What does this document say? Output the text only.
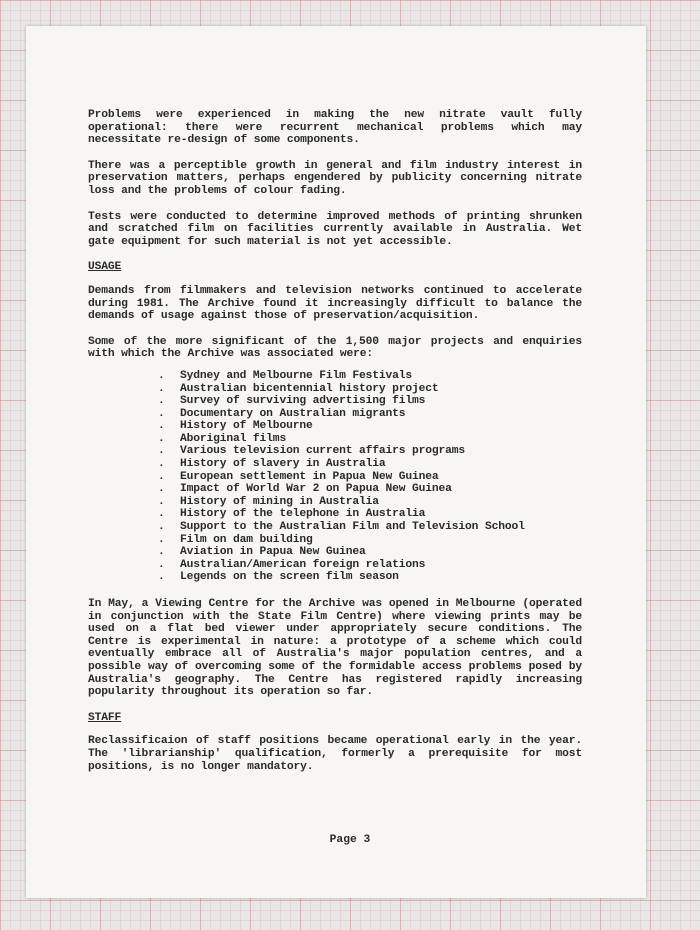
Problems were experienced in making the new nitrate vault fully operational: there were recurrent mechanical problems which may necessitate re-design of some components.

There was a perceptible growth in general and film industry interest in preservation matters, perhaps engendered by publicity concerning nitrate loss and the problems of colour fading.

Tests were conducted to determine improved methods of printing shrunken and scratched film on facilities currently available in Australia. Wet gate equipment for such material is not yet accessible.

USAGE

Demands from filmmakers and television networks continued to accelerate during 1981. The Archive found it increasingly difficult to balance the demands of usage against those of preservation/acquisition.

Some of the more significant of the 1,500 major projects and enquiries with which the Archive was associated were:

. Sydney and Melbourne Film Festivals
. Australian bicentennial history project
. Survey of surviving advertising films
. Documentary on Australian migrants
. History of Melbourne
. Aboriginal films
. Various television current affairs programs
. History of slavery in Australia
. European settlement in Papua New Guinea
. Impact of World War 2 on Papua New Guinea
. History of mining in Australia
. History of the telephone in Australia
. Support to the Australian Film and Television School
. Film on dam building
. Aviation in Papua New Guinea
. Australian/American foreign relations
. Legends on the screen film season

In May, a Viewing Centre for the Archive was opened in Melbourne (operated in conjunction with the State Film Centre) where viewing prints may be used on a flat bed viewer under appropriately secure conditions. The Centre is experimental in nature: a prototype of a scheme which could eventually embrace all of Australia's major population centres, and a possible way of overcoming some of the formidable access problems posed by Australia's geography. The Centre has registered rapidly increasing popularity throughout its operation so far.

STAFF

Reclassificaion of staff positions became operational early in the year. The 'librarianship' qualification, formerly a prerequisite for most positions, is no longer mandatory.

Page 3
